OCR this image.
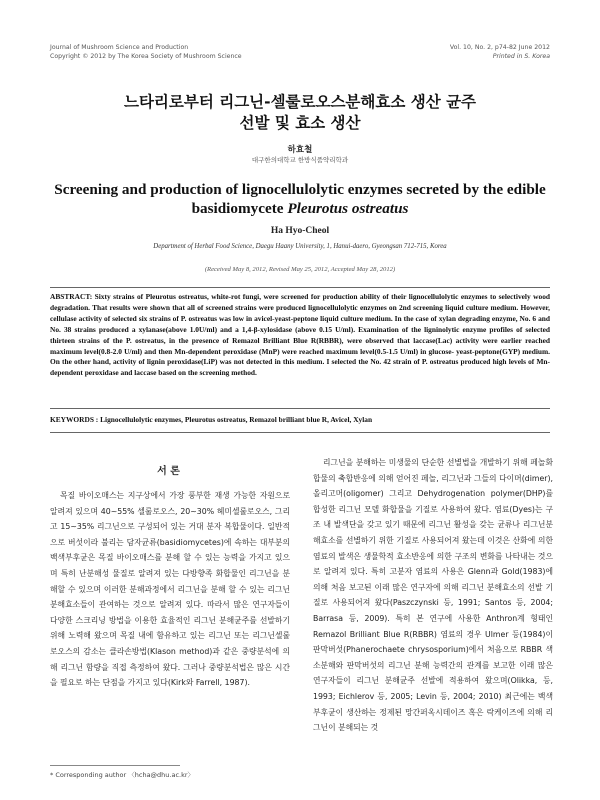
Journal of Mushroom Science and Production
Copyright © 2012 by The Korea Society of Mushroom Science
Vol. 10, No. 2, p74-82 June 2012
Printed in S. Korea
느타리로부터 리그닌-셀룰로오스분해효소 생산 균주
선발 및 효소 생산
하효철
대구한의대학교 한방식품약리학과
Screening and production of lignocellulolytic enzymes secreted by the edible basidiomycete Pleurotus ostreatus
Ha Hyo-Cheol
Department of Herbal Food Science, Daegu Haany University, 1, Hanui-daero, Gyeongsan 712-715, Korea
(Received May 8, 2012, Revised May 25, 2012, Accepted May 28, 2012)
ABSTRACT: Sixty strains of Pleurotus ostreatus, white-rot fungi, were screened for production ability of their lignocellulolytic enzymes to selectively wood degradation. That results were shown that all of screened strains were produced lignocellulolytic enzymes on 2nd screening liquid culture medium. However, cellulase activity of selected six strains of P. ostreatus was low in avicel-yeast-peptone liquid culture medium. In the case of xylan degrading enzyme, No. 6 and No. 38 strains produced a xylanase(above 1.0U/ml) and a 1,4-β-xylosidase (above 0.15 U/ml). Examination of the ligninolytic enzyme profiles of selected thirteen strains of the P. ostreatus, in the presence of Remazol Brilliant Blue R(RBBR), were observed that laccase(Lac) activity were earlier reached maximum level(0.8-2.0 U/ml) and then Mn-dependent peroxidase (MnP) were reached maximum level(0.5-1.5 U/ml) in glucose- yeast-peptone(GYP) medium. On the other hand, activity of lignin peroxidase(LiP) was not detected in this medium. I selected the No. 42 strain of P. ostreatus produced high levels of Mn-dependent peroxidase and laccase based on the screening method.
KEYWORDS : Lignocellulolytic enzymes, Pleurotus ostreatus, Remazol brilliant blue R, Avicel, Xylan
서 론

목질 바이오매스는 지구상에서 가장 풍부한 재생 가능한 자원으로 알려져 있으며 40~55% 셀룰로오스, 20~30% 헤미셀룰로오스, 그리고 15~35% 리그닌으로 구성되어 있는 거대 분자 복합물이다. 일반적으로 버섯이라 불리는 담자균류(basidiomycetes)에 속하는 대부분의 백색부후균은 목질 바이오매스를 분해 할 수 있는 능력을 가지고 있으며 특히 난분해성 물질로 알려져 있는 다방향족 화합물인 리그닌을 분해할 수 있으며 이러한 분해과정에서 리그닌을 분해 할 수 있는 리그닌 분해효소들이 관여하는 것으로 알려져 있다. 따라서 많은 연구자들이 다양한 스크리닝 방법을 이용한 효율적인 리그닌 분해균주를 선발하기 위해 노력해 왔으며 목질 내에 함유하고 있는 리그닌 또는 리그닌셀룰로오스의 감소는 클라손방법(Klason method)과 같은 중량분석에 의해 리그닌 함량을 직접 측정하여 왔다. 그러나 중량분석법은 많은 시간을 필요로 하는 단점을 가지고 있다(Kirk와 Farrell, 1987).

리그닌을 분해하는 미생물의 단순한 선별법을 개발하기 위해 페놀화합물의 축합반응에 의해 얻어진 페놀, 리그닌과 그들의 다이머(dimer), 올리고머(oligomer) 그리고 Dehydrogenation polymer(DHP)를 합성한 리그닌 모델 화합물을 기질로 사용하여 왔다. 염료(Dyes)는 구조 내 발색단을 갖고 있기 때문에 리그닌 활성을 갖는 균류나 리그닌분해효소를 선별하기 위한 기질로 사용되어져 왔는데 이것은 산화에 의한 염료의 발색은 생물학적 효소반응에 의한 구조의 변화를 나타내는 것으로 알려져 있다. 특히 고분자 염료의 사용은 Glenn과 Gold(1983)에 의해 처음 보고된 이래 많은 연구자에 의해 리그닌 분해효소의 선발 기질로 사용되어져 왔다(Paszczynski 등, 1991; Santos 등, 2004; Barrasa 등, 2009). 특히 본 연구에 사용한 Anthron계 형태인 Remazol Brilliant Blue R(RBBR) 염료의 경우 Ulmer 등(1984)이 판막버섯(Phanerochaete chrysosporium)에서 처음으로 RBBR 색소분해와 판막버섯의 리그닌 분해 능력간의 관계를 보고한 이래 많은 연구자들이 리그닌 분해균주 선발에 적용하여 왔으며(Olikka, 등, 1993; Eichlerov 등, 2005; Levin 등, 2004; 2010) 최근에는 백색부후균이 생산하는 정제된 망간퍼옥시데이즈 혹은 락케이즈에 의해 리그닌이 분해되는 것

* Corresponding author 〈hcha@dhu.ac.kr〉
